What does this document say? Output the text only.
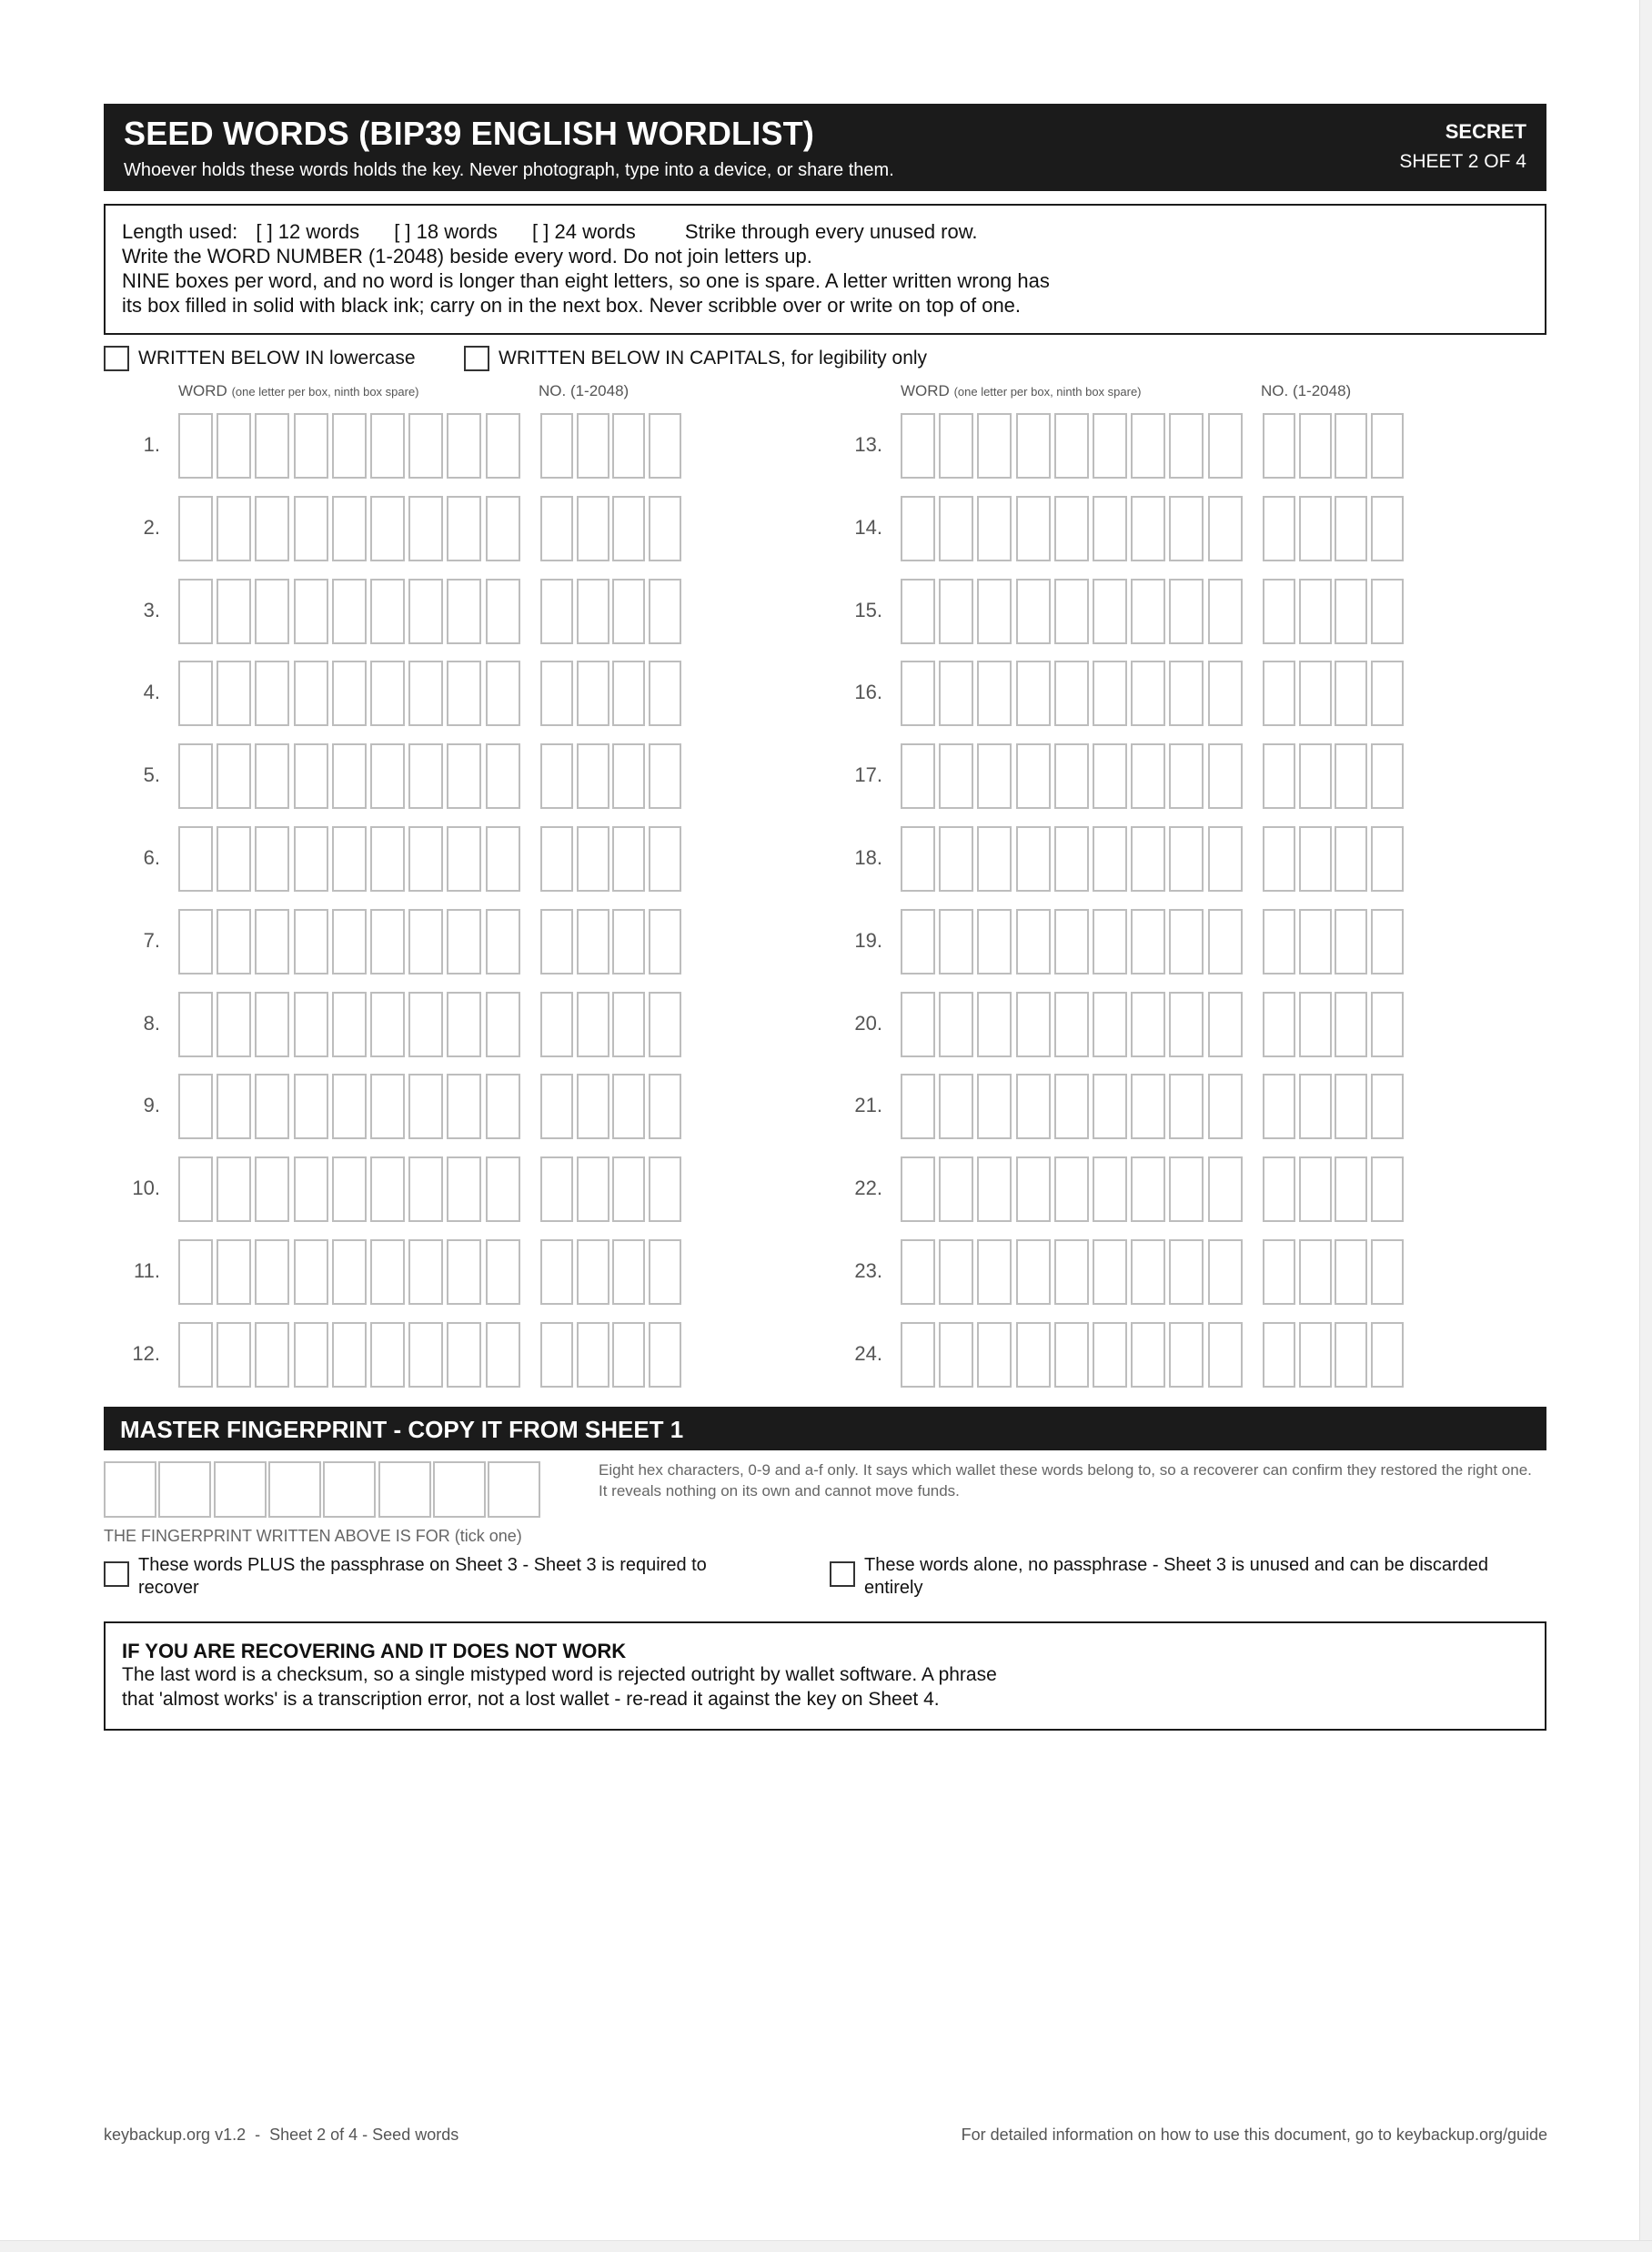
SEED WORDS (BIP39 ENGLISH WORDLIST)
Whoever holds these words holds the key. Never photograph, type into a device, or share them.
SECRET
SHEET 2 OF 4
Length used: [ ] 12 words [ ] 18 words [ ] 24 words Strike through every unused row.
Write the WORD NUMBER (1-2048) beside every word. Do not join letters up.
NINE boxes per word, and no word is longer than eight letters, so one is spare. A letter written wrong has
its box filled in solid with black ink; carry on in the next box. Never scribble over or write on top of one.
WRITTEN BELOW IN lowercase	WRITTEN BELOW IN CAPITALS, for legibility only
WORD (one letter per box, ninth box spare)	NO. (1-2048)	WORD (one letter per box, ninth box spare)	NO. (1-2048)
1.
2.
3.
4.
5.
6.
7.
8.
9.
10.
11.
12.
13.
14.
15.
16.
17.
18.
19.
20.
21.
22.
23.
24.
MASTER FINGERPRINT - COPY IT FROM SHEET 1
Eight hex characters, 0-9 and a-f only. It says which wallet these words belong to, so a recoverer can confirm they restored the right one. It reveals nothing on its own and cannot move funds.
THE FINGERPRINT WRITTEN ABOVE IS FOR (tick one)
These words PLUS the passphrase on Sheet 3 - Sheet 3 is required to recover
These words alone, no passphrase - Sheet 3 is unused and can be discarded entirely
IF YOU ARE RECOVERING AND IT DOES NOT WORK
The last word is a checksum, so a single mistyped word is rejected outright by wallet software. A phrase
that 'almost works' is a transcription error, not a lost wallet - re-read it against the key on Sheet 4.
keybackup.org v1.2  -  Sheet 2 of 4 - Seed words	For detailed information on how to use this document, go to keybackup.org/guide
